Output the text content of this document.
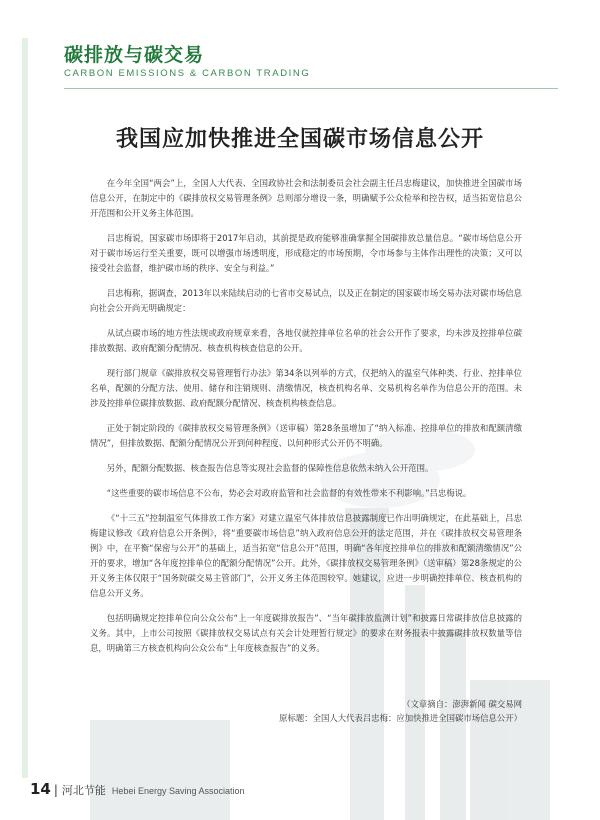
碳排放与碳交易
CARBON EMISSIONS & CARBON TRADING
我国应加快推进全国碳市场信息公开

在今年全国“两会”上，全国人大代表、全国政协社会和法制委员会社会副主任吕忠梅建议，加快推进全国碳市场信息公开，在制定中的《碳排放权交易管理条例》总则部分增设一条，明确赋予公众检举和控告权，适当拓宽信息公开范围和公开义务主体范围。

吕忠梅说，国家碳市场即将于2017年启动，其前提是政府能够准确掌握全国碳排放总量信息。“碳市场信息公开对于碳市场运行至关重要，既可以增强市场透明度，形成稳定的市场预期，令市场参与主体作出理性的决策；又可以接受社会监督，维护碳市场的秩序、安全与利益。”

吕忠梅称，据调查，2013年以来陆续启动的七省市交易试点，以及正在制定的国家碳市场交易办法对碳市场信息向社会公开尚无明确规定：

从试点碳市场的地方性法规或政府规章来看，各地仅就控排单位名单的社会公开作了要求，均未涉及控排单位碳排放数据、政府配额分配情况、核查机构核查信息的公开。

现行部门规章《碳排放权交易管理暂行办法》第34条以列举的方式，仅把纳入的温室气体种类、行业、控排单位名单，配额的分配方法、使用、储存和注销规则、清缴情况，核查机构名单、交易机构名单作为信息公开的范围。未涉及控排单位碳排放数据、政府配额分配情况、核查机构核查信息。

正处于制定阶段的《碳排放权交易管理条例》（送审稿）第28条虽增加了“纳入标准、控排单位的排放和配额清缴情况”，但排放数据、配额分配情况公开到何种程度、以何种形式公开仍不明确。

另外，配额分配数据、核查报告信息等实现社会监督的保障性信息依然未纳入公开范围。

“这些重要的碳市场信息不公布，势必会对政府监管和社会监督的有效性带来不利影响。”吕忠梅说。

《“十三五”控制温室气体排放工作方案》对建立温室气体排放信息披露制度已作出明确规定，在此基础上，吕忠梅建议修改《政府信息公开条例》，将“重要碳市场信息”纳入政府信息公开的法定范围，并在《碳排放权交易管理条例》中，在平衡“保密与公开”的基础上，适当拓宽“信息公开”范围，明确“各年度控排单位的排放和配额清缴情况”公开的要求，增加“各年度控排单位的配额分配情况”公开。此外，《碳排放权交易管理条例》（送审稿）第28条规定的公开义务主体仅限于“国务院碳交易主管部门”，公开义务主体范围较窄。她建议，应进一步明确控排单位、核查机构的信息公开义务。

包括明确规定控排单位向公众公布“上一年度碳排放报告”、“当年碳排放监测计划”和披露日常碳排放信息披露的义务。其中，上市公司按照《碳排放权交易试点有关会计处理暂行规定》的要求在财务报表中披露碳排放权数量等信息，明确第三方核查机构向公众公布“上年度核查报告”的义务。

（文章摘自：澎湃新闻 碳交易网
原标题：全国人大代表吕忠梅：应加快推进全国碳市场信息公开）
14 | 河北节能 Hebei Energy Saving Association
